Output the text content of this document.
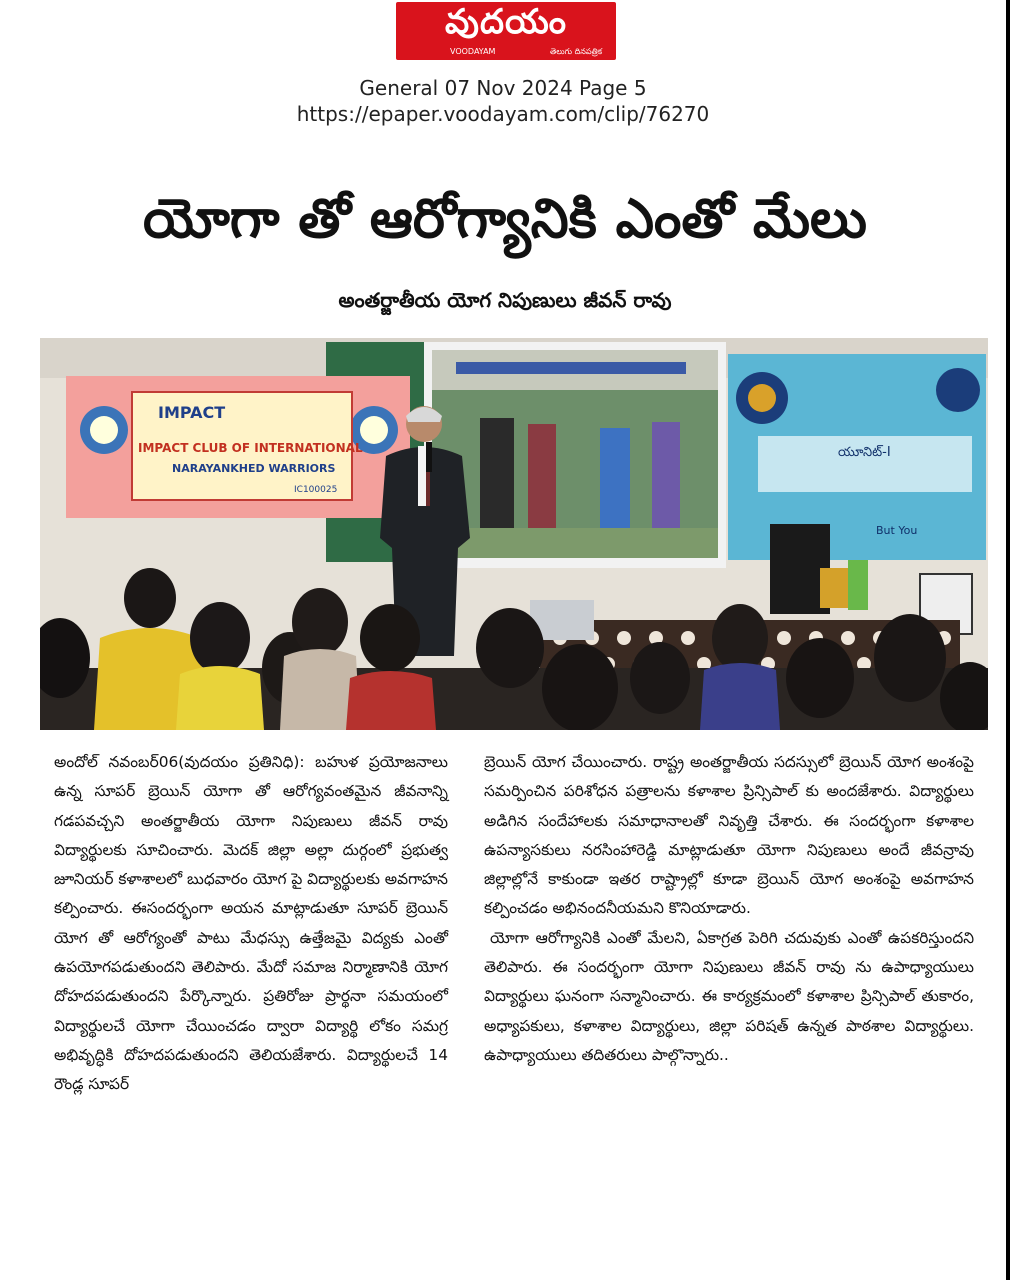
వుదయం
VOODAYAM	తెలుగు దినపత్రిక
General 07 Nov 2024 Page 5
https://epaper.voodayam.com/clip/76270
యోగా తో ఆరోగ్యానికి ఎంతో మేలు
అంతర్జాతీయ యోగ నిపుణులు జీవన్ రావు
IMPACT
IMPACT CLUB OF INTERNATIONAL
NARAYANKHED WARRIORS
IC100025
యూనిట్-I
But You
అందోల్ నవంబర్06(వుదయం ప్రతినిధి): బహుళ ప్రయోజనాలు ఉన్న సూపర్ బ్రెయిన్ యోగా తో ఆరోగ్యవంతమైన జీవనాన్ని గడపవచ్చని అంతర్జాతీయ యోగా నిపుణులు జీవన్ రావు విద్యార్థులకు సూచించారు. మెదక్ జిల్లా అల్లా దుర్గంలో ప్రభుత్వ జూనియర్ కళాశాలలో బుధవారం యోగ పై విద్యార్థులకు అవగాహన కల్పించారు. ఈసందర్భంగా అయన మాట్లాడుతూ సూపర్ బ్రెయిన్ యోగ తో ఆరోగ్యంతో పాటు మేధస్సు ఉత్తేజమై విద్యకు ఎంతో ఉపయోగపడుతుందని తెలిపారు. మేదో సమాజ నిర్మాణానికి యోగ దోహదపడుతుందని పేర్కొన్నారు. ప్రతిరోజు ప్రార్థనా సమయంలో విద్యార్థులచే యోగా చేయించడం ద్వారా విద్యార్థి లోకం సమగ్ర అభివృద్ధికి దోహదపడుతుందని తెలియజేశారు. విద్యార్థులచే 14 రౌండ్ల సూపర్
బ్రెయిన్ యోగ చేయించారు. రాష్ట్ర అంతర్జాతీయ సదస్సులో బ్రెయిన్ యోగ అంశంపై సమర్పించిన పరిశోధన పత్రాలను కళాశాల ప్రిన్సిపాల్ కు అందజేశారు. విద్యార్థులు అడిగిన సందేహాలకు సమాధానాలతో నివృత్తి చేశారు. ఈ సందర్భంగా కళాశాల ఉపన్యాసకులు నరసింహారెడ్డి మాట్లాడుతూ యోగా నిపుణులు అందే జీవన్రావు జిల్లాల్లోనే కాకుండా ఇతర రాష్ట్రాల్లో కూడా బ్రెయిన్ యోగ అంశంపై అవగాహన కల్పించడం అభినందనీయమని కొనియాడారు.
యోగా ఆరోగ్యానికి ఎంతో మేలని, ఏకాగ్రత పెరిగి చదువుకు ఎంతో ఉపకరిస్తుందని తెలిపారు. ఈ సందర్భంగా యోగా నిపుణులు జీవన్ రావు ను ఉపాధ్యాయులు విద్యార్థులు ఘనంగా సన్మానించారు. ఈ కార్యక్రమంలో కళాశాల ప్రిన్సిపాల్ తుకారం, అధ్యాపకులు, కళాశాల విద్యార్థులు, జిల్లా పరిషత్ ఉన్నత పాఠశాల విద్యార్థులు. ఉపాధ్యాయులు తదితరులు పాల్గొన్నారు..
